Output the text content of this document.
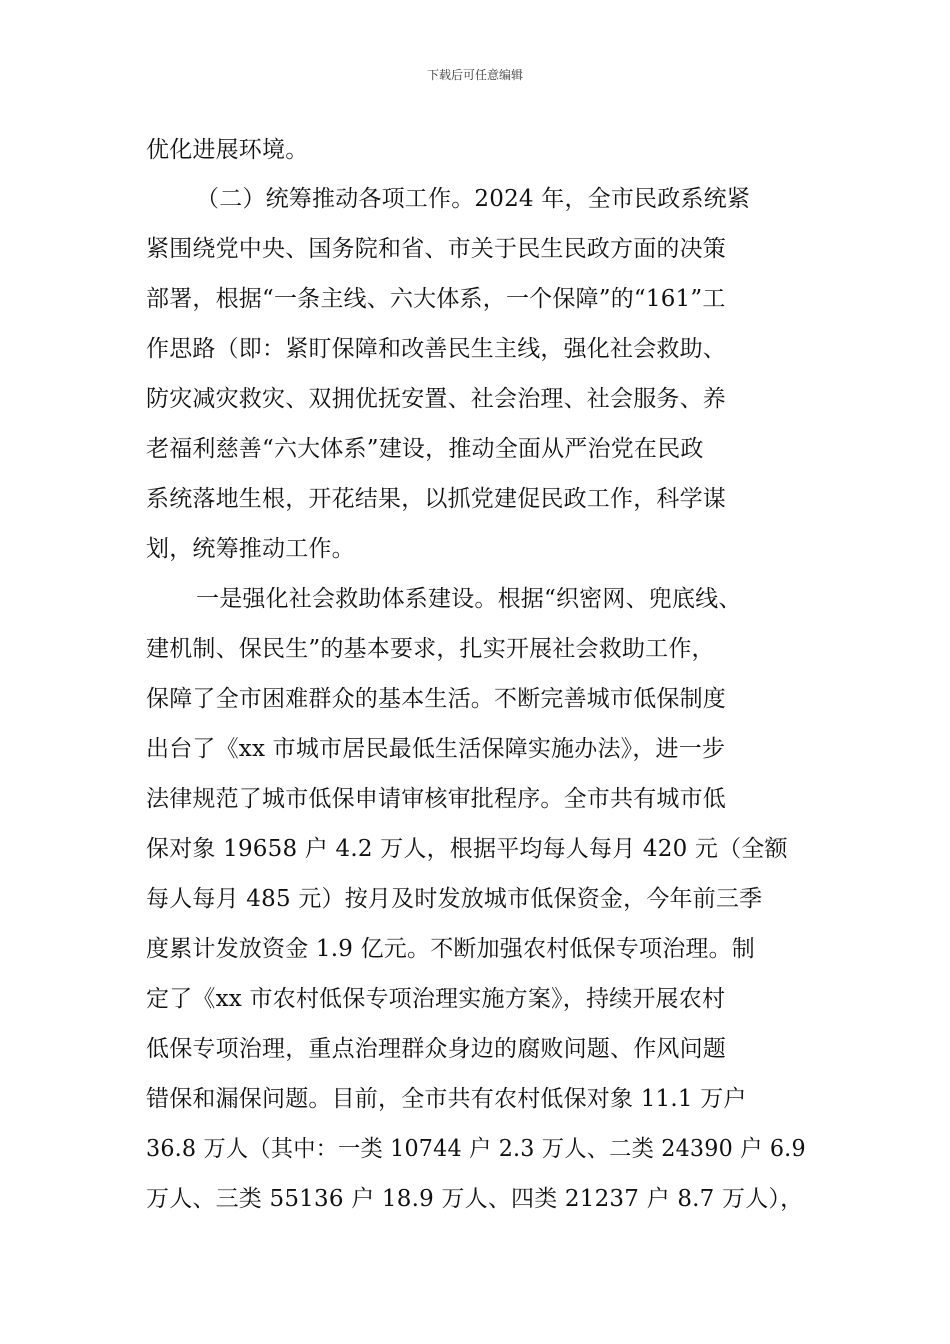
下载后可任意编辑
优化进展环境。
（二）统筹推动各项工作。2024 年，全市民政系统紧
紧围绕党中央、国务院和省、市关于民生民政方面的决策
部署，根据“一条主线、六大体系，一个保障”的“161”工
作思路（即：紧盯保障和改善民生主线，强化社会救助、
防灾减灾救灾、双拥优抚安置、社会治理、社会服务、养
老福利慈善“六大体系”建设，推动全面从严治党在民政
系统落地生根，开花结果，以抓党建促民政工作，科学谋
划，统筹推动工作。
一是强化社会救助体系建设。根据“织密网、兜底线、
建机制、保民生”的基本要求，扎实开展社会救助工作，
保障了全市困难群众的基本生活。不断完善城市低保制度
出台了《xx 市城市居民最低生活保障实施办法》，进一步
法律规范了城市低保申请审核审批程序。全市共有城市低
保对象 19658 户 4.2 万人，根据平均每人每月 420 元（全额
每人每月 485 元）按月及时发放城市低保资金，今年前三季
度累计发放资金 1.9 亿元。不断加强农村低保专项治理。制
定了《xx 市农村低保专项治理实施方案》，持续开展农村
低保专项治理，重点治理群众身边的腐败问题、作风问题
错保和漏保问题。目前，全市共有农村低保对象 11.1 万户
36.8 万人（其中：一类 10744 户 2.3 万人、二类 24390 户 6.9
万人、三类 55136 户 18.9 万人、四类 21237 户 8.7 万人），
